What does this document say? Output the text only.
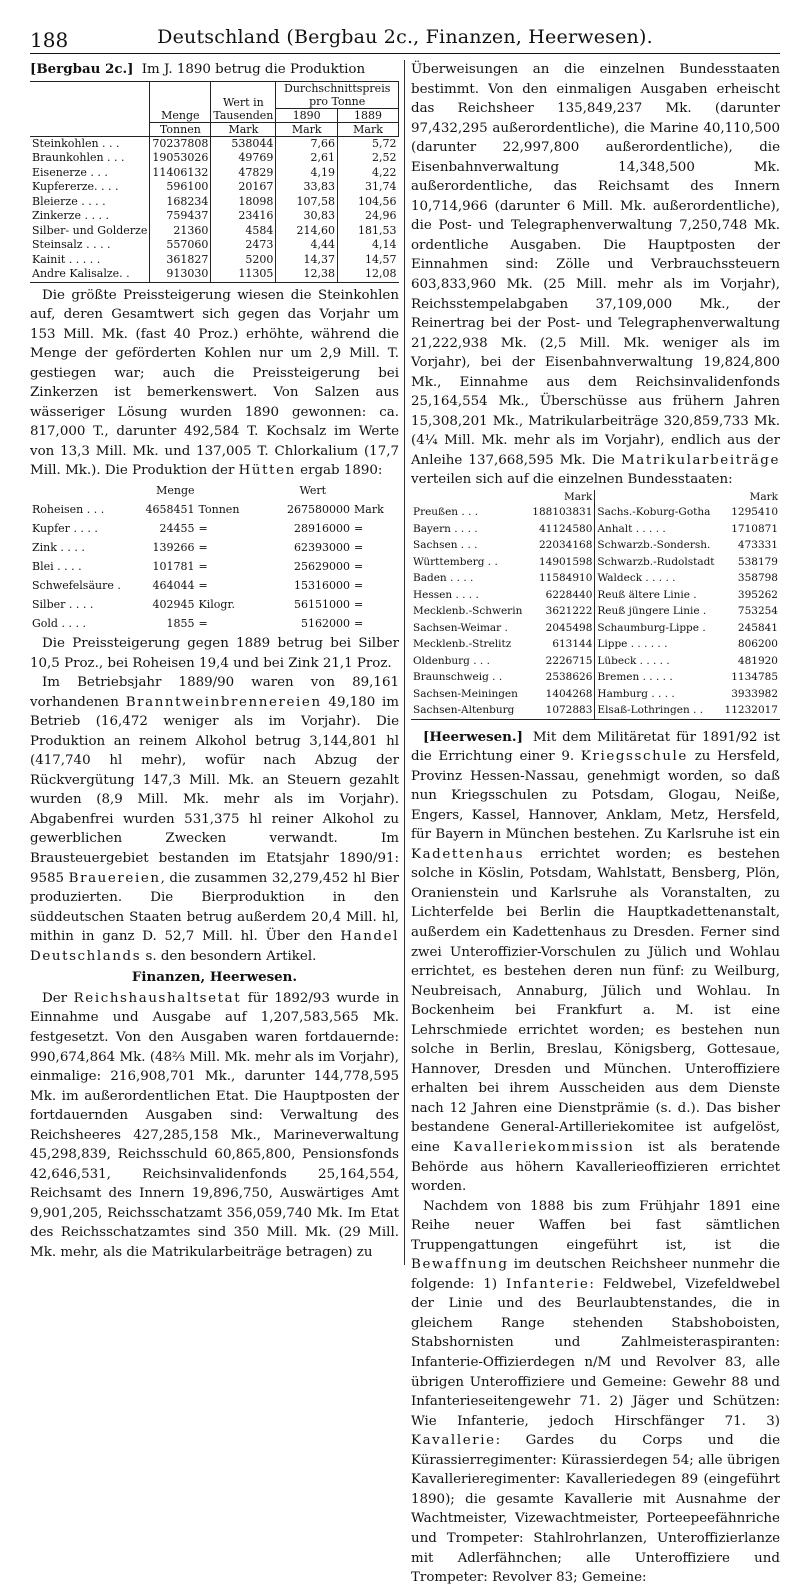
188	Deutschland (Bergbau 2c., Finanzen, Heerwesen).

[Bergbau 2c.] Im J. 1890 betrug die Produktion

	Menge	Wert in Tausenden	Durchschnittspreis pro Tonne	
			1890	1889
	Tonnen	Mark	Mark	Mark
Steinkohlen . . .	70237808	538044	7,66	5,72
Braunkohlen . . .	19053026	49769	2,61	2,52
Eisenerze . . .	11406132	47829	4,19	4,22
Kupfererze. . . .	596100	20167	33,83	31,74
Bleierze . . . .	168234	18098	107,58	104,56
Zinkerze . . . .	759437	23416	30,83	24,96
Silber- und Golderze	21360	4584	214,60	181,53
Steinsalz . . . .	557060	2473	4,44	4,14
Kainit . . . . .	361827	5200	14,37	14,57
Andre Kalisalze. .	913030	11305	12,38	12,08

Die größte Preissteigerung wiesen die Steinkohlen auf, deren Gesamtwert sich gegen das Vorjahr um 153 Mill. Mk. (fast 40 Proz.) erhöhte, während die Menge der geförderten Kohlen nur um 2,9 Mill. T. gestiegen war; auch die Preissteigerung bei Zinkerzen ist bemerkenswert. Von Salzen aus wässeriger Lösung wurden 1890 gewonnen: ca. 817,000 T., darunter 492,584 T. Kochsalz im Werte von 13,3 Mill. Mk. und 137,005 T. Chlorkalium (17,7 Mill. Mk.). Die Produktion der Hütten ergab 1890:

	Menge		Wert	
Roheisen . . .	4658451	Tonnen	267580000	Mark
Kupfer . . . .	24455	=	28916000	=
Zink . . . .	139266	=	62393000	=
Blei . . . .	101781	=	25629000	=
Schwefelsäure .	464044	=	15316000	=
Silber . . . .	402945	Kilogr.	56151000	=
Gold . . . .	1855	=	5162000	=

Die Preissteigerung gegen 1889 betrug bei Silber 10,5 Proz., bei Roheisen 19,4 und bei Zink 21,1 Proz.

Im Betriebsjahr 1889/90 waren von 89,161 vorhandenen Branntweinbrennereien 49,180 im Betrieb (16,472 weniger als im Vorjahr). Die Produktion an reinem Alkohol betrug 3,144,801 hl (417,740 hl mehr), wofür nach Abzug der Rückvergütung 147,3 Mill. Mk. an Steuern gezahlt wurden (8,9 Mill. Mk. mehr als im Vorjahr). Abgabenfrei wurden 531,375 hl reiner Alkohol zu gewerblichen Zwecken verwandt. Im Brausteuergebiet bestanden im Etatsjahr 1890/91: 9585 Brauereien, die zusammen 32,279,452 hl Bier produzierten. Die Bierproduktion in den süddeutschen Staaten betrug außerdem 20,4 Mill. hl, mithin in ganz D. 52,7 Mill. hl. Über den Handel Deutschlands s. den besondern Artikel.

Finanzen, Heerwesen.

Der Reichshaushaltsetat für 1892/93 wurde in Einnahme und Ausgabe auf 1,207,583,565 Mk. festgesetzt. Von den Ausgaben waren fortdauernde: 990,674,864 Mk. (48⅔ Mill. Mk. mehr als im Vorjahr), einmalige: 216,908,701 Mk., darunter 144,778,595 Mk. im außerordentlichen Etat. Die Hauptposten der fortdauernden Ausgaben sind: Verwaltung des Reichsheeres 427,285,158 Mk., Marineverwaltung 45,298,839, Reichsschuld 60,865,800, Pensionsfonds 42,646,531, Reichsinvalidenfonds 25,164,554, Reichsamt des Innern 19,896,750, Auswärtiges Amt 9,901,205, Reichsschatzamt 356,059,740 Mk. Im Etat des Reichsschatzamtes sind 350 Mill. Mk. (29 Mill. Mk. mehr, als die Matrikularbeiträge betragen) zu

Überweisungen an die einzelnen Bundesstaaten bestimmt. Von den einmaligen Ausgaben erheischt das Reichsheer 135,849,237 Mk. (darunter 97,432,295 außerordentliche), die Marine 40,110,500 (darunter 22,997,800 außerordentliche), die Eisenbahnverwaltung 14,348,500 Mk. außerordentliche, das Reichsamt des Innern 10,714,966 (darunter 6 Mill. Mk. außerordentliche), die Post- und Telegraphenverwaltung 7,250,748 Mk. ordentliche Ausgaben. Die Hauptposten der Einnahmen sind: Zölle und Verbrauchssteuern 603,833,960 Mk. (25 Mill. mehr als im Vorjahr), Reichsstempelabgaben 37,109,000 Mk., der Reinertrag bei der Post- und Telegraphenverwaltung 21,222,938 Mk. (2,5 Mill. Mk. weniger als im Vorjahr), bei der Eisenbahnverwaltung 19,824,800 Mk., Einnahme aus dem Reichsinvalidenfonds 25,164,554 Mk., Überschüsse aus frühern Jahren 15,308,201 Mk., Matrikularbeiträge 320,859,733 Mk. (4¼ Mill. Mk. mehr als im Vorjahr), endlich aus der Anleihe 137,668,595 Mk. Die Matrikularbeiträge verteilen sich auf die einzelnen Bundesstaaten:

	Mark		Mark
Preußen . . .	188103831	Sachs.-Koburg-Gotha	1295410
Bayern . . . .	41124580	Anhalt . . . . .	1710871
Sachsen . . .	22034168	Schwarzb.-Sondersh.	473331
Württemberg . .	14901598	Schwarzb.-Rudolstadt	538179
Baden . . . .	11584910	Waldeck . . . . .	358798
Hessen . . . .	6228440	Reuß ältere Linie .	395262
Mecklenb.-Schwerin	3621222	Reuß jüngere Linie .	753254
Sachsen-Weimar .	2045498	Schaumburg-Lippe .	245841
Mecklenb.-Strelitz	613144	Lippe . . . . . .	806200
Oldenburg . . .	2226715	Lübeck . . . . .	481920
Braunschweig . .	2538626	Bremen . . . . .	1134785
Sachsen-Meiningen	1404268	Hamburg . . . .	3933982
Sachsen-Altenburg	1072883	Elsaß-Lothringen . .	11232017

[Heerwesen.] Mit dem Militäretat für 1891/92 ist die Errichtung einer 9. Kriegsschule zu Hersfeld, Provinz Hessen-Nassau, genehmigt worden, so daß nun Kriegsschulen zu Potsdam, Glogau, Neiße, Engers, Kassel, Hannover, Anklam, Metz, Hersfeld, für Bayern in München bestehen. Zu Karlsruhe ist ein Kadettenhaus errichtet worden; es bestehen solche in Köslin, Potsdam, Wahlstatt, Bensberg, Plön, Oranienstein und Karlsruhe als Voranstalten, zu Lichterfelde bei Berlin die Hauptkadettenanstalt, außerdem ein Kadettenhaus zu Dresden. Ferner sind zwei Unteroffizier-Vorschulen zu Jülich und Wohlau errichtet, es bestehen deren nun fünf: zu Weilburg, Neubreisach, Annaburg, Jülich und Wohlau. In Bockenheim bei Frankfurt a. M. ist eine Lehrschmiede errichtet worden; es bestehen nun solche in Berlin, Breslau, Königsberg, Gottesaue, Hannover, Dresden und München. Unteroffiziere erhalten bei ihrem Ausscheiden aus dem Dienste nach 12 Jahren eine Dienstprämie (s. d.). Das bisher bestandene General-Artilleriekomitee ist aufgelöst, eine Kavalleriekommission ist als beratende Behörde aus höhern Kavallerieoffizieren errichtet worden.

Nachdem von 1888 bis zum Frühjahr 1891 eine Reihe neuer Waffen bei fast sämtlichen Truppengattungen eingeführt ist, ist die Bewaffnung im deutschen Reichsheer nunmehr die folgende: 1) Infanterie: Feldwebel, Vizefeldwebel der Linie und des Beurlaubtenstandes, die in gleichem Range stehenden Stabshoboisten, Stabshornisten und Zahlmeisteraspiranten: Infanterie-Offizierdegen n/M und Revolver 83, alle übrigen Unteroffiziere und Gemeine: Gewehr 88 und Infanterieseitengewehr 71. 2) Jäger und Schützen: Wie Infanterie, jedoch Hirschfänger 71. 3) Kavallerie: Gardes du Corps und die Kürassierregimenter: Kürassierdegen 54; alle übrigen Kavallerieregimenter: Kavalleriedegen 89 (eingeführt 1890); die gesamte Kavallerie mit Ausnahme der Wachtmeister, Vizewachtmeister, Porteepeefähnriche und Trompeter: Stahlrohrlanzen, Unteroffizierlanze mit Adlerfähnchen; alle Unteroffiziere und Trompeter: Revolver 83; Gemeine:
